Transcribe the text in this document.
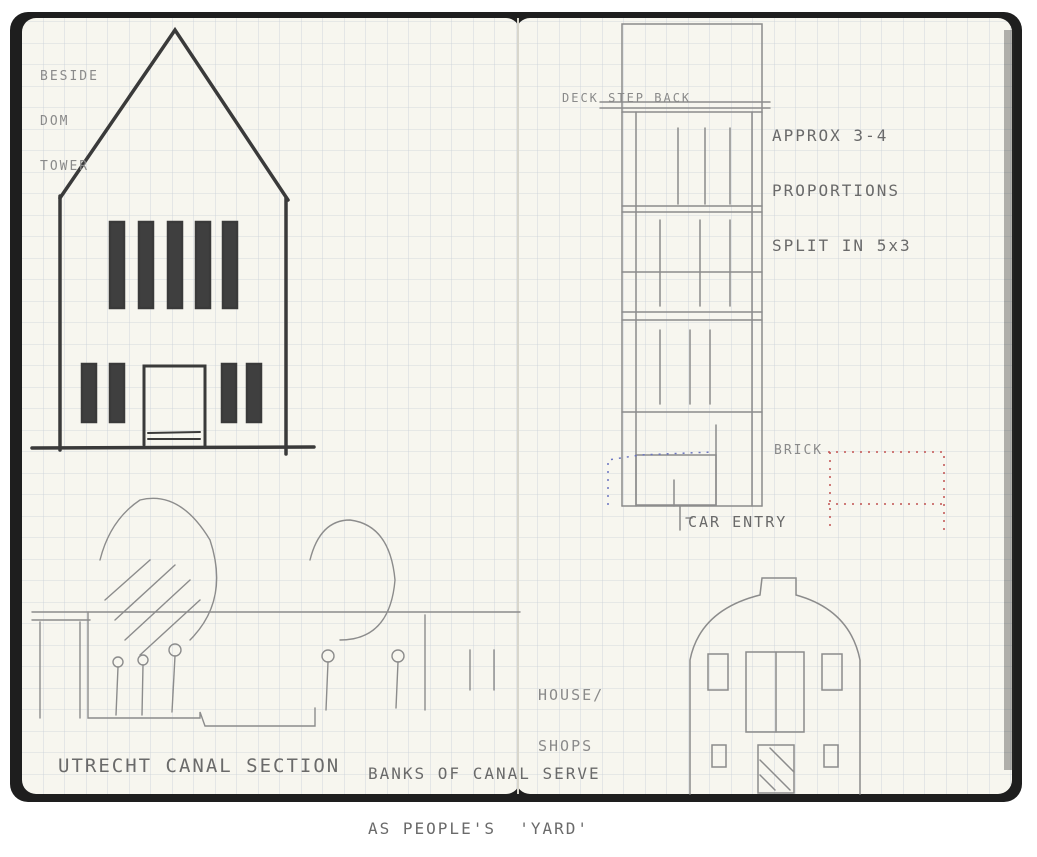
BESIDE

DOM

TOWER

UTRECHT CANAL SECTION

BANKS OF CANAL SERVE

AS PEOPLE'S  'YARD'

DECK STEP BACK

APPROX 3-4

PROPORTIONS

SPLIT IN 5x3

BRICK
CAR ENTRY

HOUSE/

SHOPS
